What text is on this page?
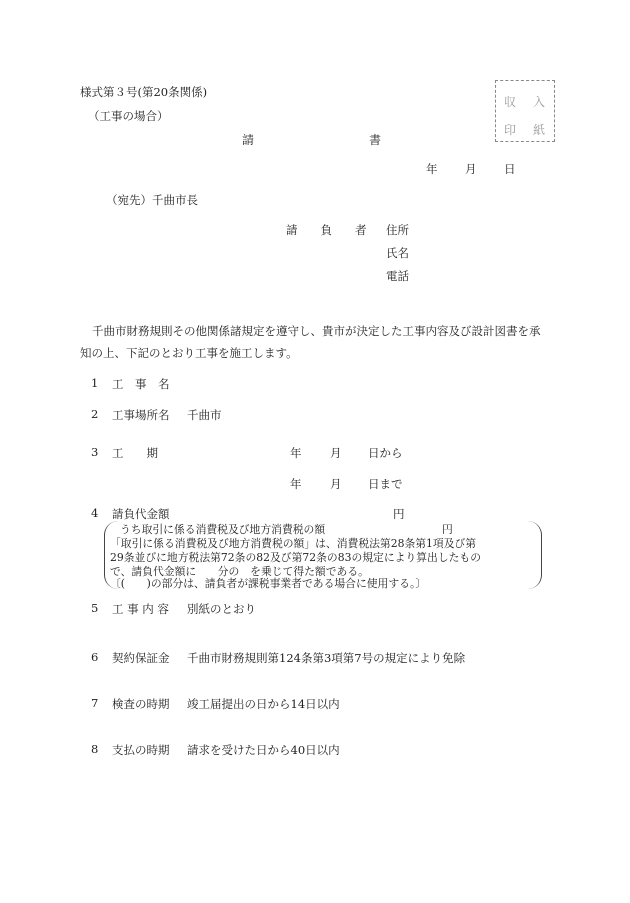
様式第３号(第20条関係)
（工事の場合）
請	書
収 入
印 紙
年 月 日
（宛先）千曲市長
請　　負　　者 住所
氏名
電話
千曲市財務規則その他関係諸規定を遵守し、貴市が決定した工事内容及び設計図書を承知の上、下記のとおり工事を施工します。
1 工　事　名
2 工事場所名 千曲市
3 工　　期	年 月 日から
年 月 日まで
4 請負代金額	円
うち取引に係る消費税及び地方消費税の額	円
「取引に係る消費税及び地方消費税の額」は、消費税法第28条第1項及び第
29条並びに地方税法第72条の82及び第72条の83の規定により算出したもの
で、請負代金額に　　分の　を乗じて得た額である。
〔(　　)の部分は、請負者が課税事業者である場合に使用する。〕
5 工 事 内 容 別紙のとおり
6 契約保証金 千曲市財務規則第124条第3項第7号の規定により免除
7 検査の時期 竣工届提出の日から14日以内
8 支払の時期 請求を受けた日から40日以内
